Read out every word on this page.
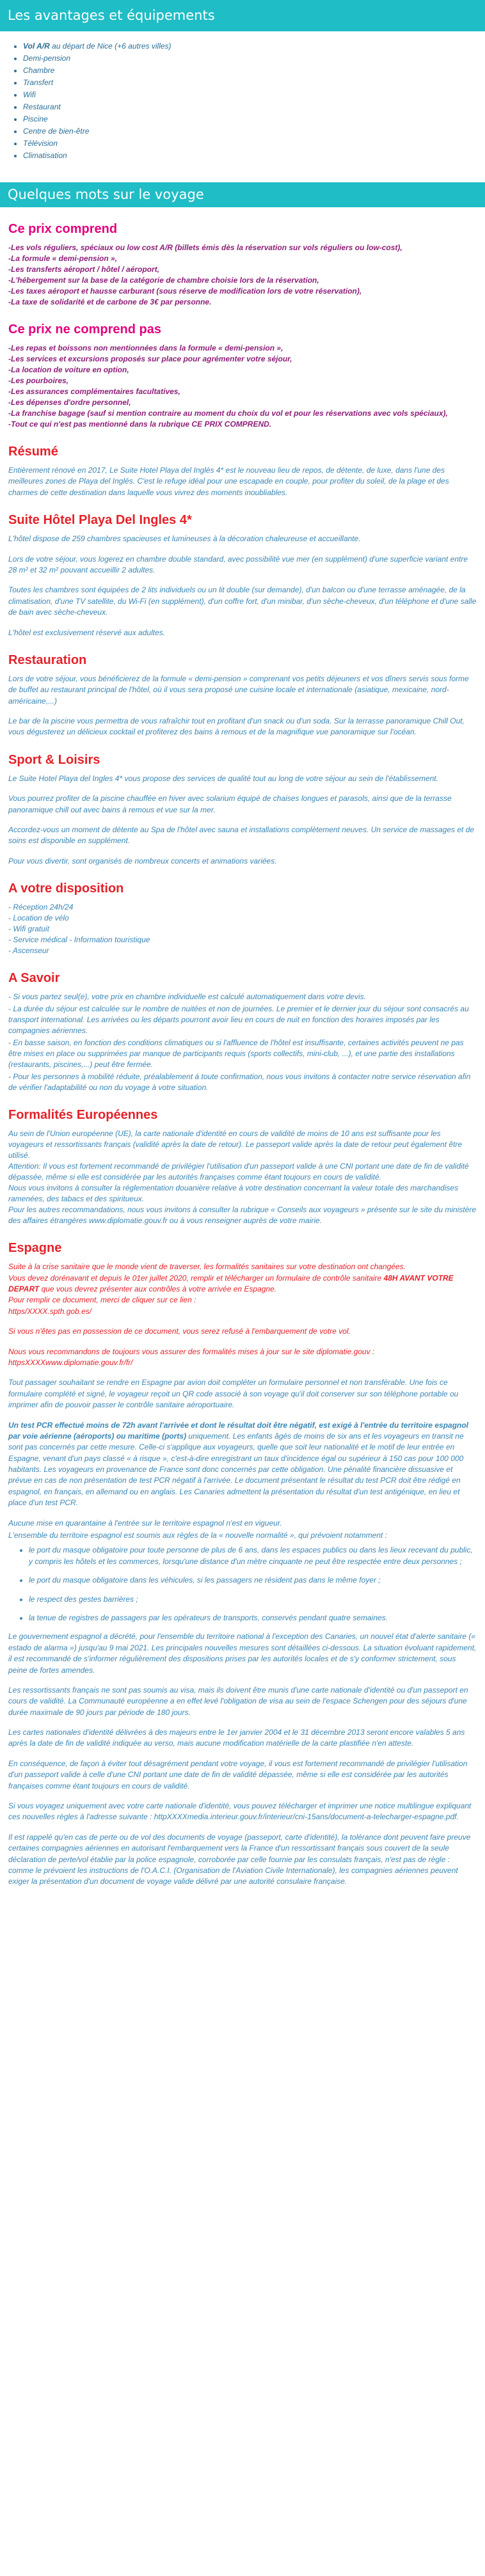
Les avantages et équipements
• Vol A/R au départ de Nice (+6 autres villes)
• Demi-pension
• Chambre
• Transfert
• Wifi
• Restaurant
• Piscine
• Centre de bien-être
• Télévision
• Climatisation
Quelques mots sur le voyage
Ce prix comprend
-Les vols réguliers, spéciaux ou low cost A/R (billets émis dès la réservation sur vols réguliers ou low-cost),
-La formule « demi-pension »,
-Les transferts aéroport / hôtel / aéroport,
-L'hébergement sur la base de la catégorie de chambre choisie lors de la réservation,
-Les taxes aéroport et hausse carburant (sous réserve de modification lors de votre réservation),
-La taxe de solidarité et de carbone de 3€ par personne.
Ce prix ne comprend pas
-Les repas et boissons non mentionnées dans la formule « demi-pension »,
-Les services et excursions proposés sur place pour agrémenter votre séjour,
-La location de voiture en option,
-Les pourboires,
-Les assurances complémentaires facultatives,
-Les dépenses d'ordre personnel,
-La franchise bagage (sauf si mention contraire au moment du choix du vol et pour les réservations avec vols spéciaux),
-Tout ce qui n'est pas mentionné dans la rubrique CE PRIX COMPREND.
Résumé

Entièrement rénové en 2017, Le Suite Hotel Playa del Inglés 4* est le nouveau lieu de repos, de détente, de luxe, dans l'une des meilleures zones de Playa del Inglés. C'est le refuge idéal pour une escapade en couple, pour profiter du soleil, de la plage et des charmes de cette destination dans laquelle vous vivrez des moments inoubliables.

Suite Hôtel Playa Del Ingles 4*

L'hôtel dispose de 259 chambres spacieuses et lumineuses à la décoration chaleureuse et accueillante.

Lors de votre séjour, vous logerez en chambre double standard, avec possibilité vue mer (en supplément) d'une superficie variant entre 28 m² et 32 m² pouvant accueillir 2 adultes.

Toutes les chambres sont équipées de 2 lits individuels ou un lit double (sur demande), d'un balcon ou d'une terrasse aménagée, de la climatisation, d'une TV satellite, du Wi-Fi (en supplément), d'un coffre fort, d'un minibar, d'un sèche-cheveux, d'un téléphone et d'une salle de bain avec sèche-cheveux.

L'hôtel est exclusivement réservé aux adultes.

Restauration

Lors de votre séjour, vous bénéficierez de la formule « demi-pension » comprenant vos petits déjeuners et vos dîners servis sous forme de buffet au restaurant principal de l'hôtel, où il vous sera proposé une cuisine locale et internationale (asiatique, mexicaine, nord-américaine,...)

Le bar de la piscine vous permettra de vous rafraîchir tout en profitant d'un snack ou d'un soda. Sur la terrasse panoramique Chill Out, vous dégusterez un délicieux cocktail et profiterez des bains à remous et de la magnifique vue panoramique sur l'océan.

Sport & Loisirs

Le Suite Hotel Playa del Ingles 4* vous propose des services de qualité tout au long de votre séjour au sein de l'établissement.

Vous pourrez profiter de la piscine chauffée en hiver avec solarium équipé de chaises longues et parasols, ainsi que de la terrasse panoramique chill out avec bains à remous et vue sur la mer.

Accordez-vous un moment de détente au Spa de l'hôtel avec sauna et installations complètement neuves. Un service de massages et de soins est disponible en supplément.

Pour vous divertir, sont organisés de nombreux concerts et animations variées.

A votre disposition
- Réception 24h/24
- Location de vélo
- Wifi gratuit
- Service médical - Information touristique
- Ascenseur
A Savoir
- Si vous partez seul(e), votre prix en chambre individuelle est calculé automatiquement dans votre devis.
- La durée du séjour est calculée sur le nombre de nuitées et non de journées. Le premier et le dernier jour du séjour sont consacrés au transport international. Les arrivées ou les départs pourront avoir lieu en cours de nuit en fonction des horaires imposés par les compagnies aériennes.
- En basse saison, en fonction des conditions climatiques ou si l'affluence de l'hôtel est insuffisante, certaines activités peuvent ne pas être mises en place ou supprimées par manque de participants requis (sports collectifs, mini-club, ...), et une partie des installations (restaurants, piscines,...) peut être fermée.
- Pour les personnes à mobilité réduite, préalablement à toute confirmation, nous vous invitons à contacter notre service réservation afin de vérifier l'adaptabilité ou non du voyage à votre situation.
Formalités Européennes
Au sein de l'Union européenne (UE), la carte nationale d'identité en cours de validité de moins de 10 ans est suffisante pour les voyageurs et ressortissants français (validité après la date de retour). Le passeport valide après la date de retour peut également être utilisé.
Attention: Il vous est fortement recommandé de privilégier l'utilisation d'un passeport valide à une CNI portant une date de fin de validité dépassée, même si elle est considérée par les autorités françaises comme étant toujours en cours de validité.
Nous vous invitons à consulter la réglementation douanière relative à votre destination concernant la valeur totale des marchandises ramenées, des tabacs et des spiritueux.
Pour les autres recommandations, nous vous invitons à consulter la rubrique « Conseils aux voyageurs » présente sur le site du ministère des affaires étrangères www.diplomatie.gouv.fr ou à vous renseigner auprès de votre mairie.
Espagne
Suite à la crise sanitaire que le monde vient de traverser, les formalités sanitaires sur votre destination ont changées.
Vous devez dorénavant et depuis le 01er juillet 2020, remplir et télécharger un formulaire de contrôle sanitaire 48H AVANT VOTRE DEPART que vous devrez présenter aux contrôles à votre arrivée en Espagne.
Pour remplir ce document, merci de cliquer sur ce lien :
https/XXXX.spth.gob.es/
Si vous n'êtes pas en possession de ce document, vous serez refusé à l'embarquement de votre vol.
Nous vous recommandons de toujours vous assurer des formalités mises à jour sur le site diplomatie.gouv :
httpsXXXXwww.diplomatie.gouv.fr/fr/

Tout passager souhaitant se rendre en Espagne par avion doit compléter un formulaire personnel et non transférable. Une fois ce formulaire complété et signé, le voyageur reçoit un QR code associé à son voyage qu'il doit conserver sur son téléphone portable ou imprimer afin de pouvoir passer le contrôle sanitaire aéroportuaire.

Un test PCR effectué moins de 72h avant l'arrivée et dont le résultat doit être négatif, est exigé à l'entrée du territoire espagnol par voie aérienne (aéroports) ou maritime (ports) uniquement. Les enfants âgés de moins de six ans et les voyageurs en transit ne sont pas concernés par cette mesure. Celle-ci s'applique aux voyageurs, quelle que soit leur nationalité et le motif de leur entrée en Espagne, venant d'un pays classé « à risque », c'est-à-dire enregistrant un taux d'incidence égal ou supérieur à 150 cas pour 100 000 habitants. Les voyageurs en provenance de France sont donc concernés par cette obligation. Une pénalité financière dissuasive et prévue en cas de non présentation de test PCR négatif à l'arrivée. Le document présentant le résultat du test PCR doit être rédigé en espagnol, en français, en allemand ou en anglais. Les Canaries admettent la présentation du résultat d'un test antigénique, en lieu et place d'un test PCR.

Aucune mise en quarantaine à l'entrée sur le territoire espagnol n'est en vigueur.
L'ensemble du territoire espagnol est soumis aux règles de la « nouvelle normalité », qui prévoient notamment :
• le port du masque obligatoire pour toute personne de plus de 6 ans, dans les espaces publics ou dans les lieux recevant du public, y compris les hôtels et les commerces, lorsqu'une distance d'un mètre cinquante ne peut être respectée entre deux personnes ;
• le port du masque obligatoire dans les véhicules, si les passagers ne résident pas dans le même foyer ;
• le respect des gestes barrières ;
• la tenue de registres de passagers par les opérateurs de transports, conservés pendant quatre semaines.

Le gouvernement espagnol a décrété, pour l'ensemble du territoire national à l'exception des Canaries, un nouvel état d'alerte sanitaire (« estado de alarma ») jusqu'au 9 mai 2021. Les principales nouvelles mesures sont détaillées ci-dessous. La situation évoluant rapidement, il est recommandé de s'informer régulièrement des dispositions prises par les autorités locales et de s'y conformer strictement, sous peine de fortes amendes.

Les ressortissants français ne sont pas soumis au visa, mais ils doivent être munis d'une carte nationale d'identité ou d'un passeport en cours de validité. La Communauté européenne a en effet levé l'obligation de visa au sein de l'espace Schengen pour des séjours d'une durée maximale de 90 jours par période de 180 jours.

Les cartes nationales d'identité délivrées à des majeurs entre le 1er janvier 2004 et le 31 décembre 2013 seront encore valables 5 ans après la date de fin de validité indiquée au verso, mais aucune modification matérielle de la carte plastifiée n'en atteste.

En conséquence, de façon à éviter tout désagrément pendant votre voyage, il vous est fortement recommandé de privilégier l'utilisation d'un passeport valide à celle d'une CNI portant une date de fin de validité dépassée, même si elle est considérée par les autorités françaises comme étant toujours en cours de validité.

Si vous voyagez uniquement avec votre carte nationale d'identité, vous pouvez télécharger et imprimer une notice multilingue expliquant ces nouvelles règles à l'adresse suivante : httpXXXXmedia.interieur.gouv.fr/interieur/cni-15ans/document-a-telecharger-espagne.pdf.

Il est rappelé qu'en cas de perte ou de vol des documents de voyage (passeport, carte d'identité), la tolérance dont peuvent faire preuve certaines compagnies aériennes en autorisant l'embarquement vers la France d'un ressortissant français sous couvert de la seule déclaration de perte/vol établie par la police espagnole, corroborée par celle fournie par les consulats français, n'est pas de règle : comme le prévoient les instructions de l'O.A.C.I. (Organisation de l'Aviation Civile Internationale), les compagnies aériennes peuvent exiger la présentation d'un document de voyage valide délivré par une autorité consulaire française.
